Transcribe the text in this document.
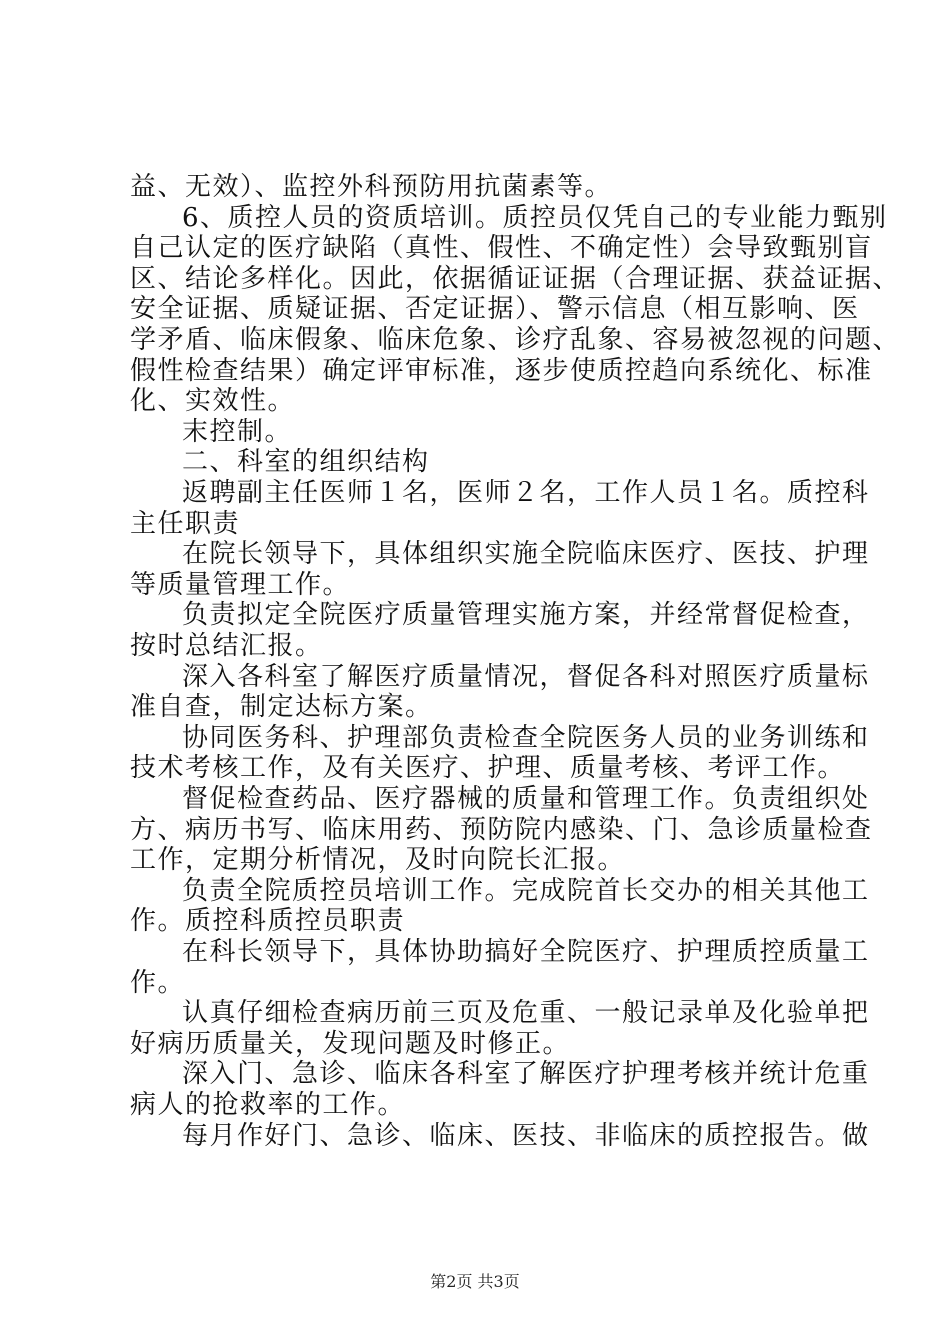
益、无效）、监控外科预防用抗菌素等。
6、质控人员的资质培训。质控员仅凭自己的专业能力甄别
自己认定的医疗缺陷（真性、假性、不确定性）会导致甄别盲
区、结论多样化。因此，依据循证证据（合理证据、获益证据、
安全证据、质疑证据、否定证据）、警示信息（相互影响、医
学矛盾、临床假象、临床危象、诊疗乱象、容易被忽视的问题、
假性检查结果）确定评审标准，逐步使质控趋向系统化、标准
化、实效性。
末控制。
二、科室的组织结构
返聘副主任医师１名，医师２名，工作人员１名。质控科
主任职责
在院长领导下，具体组织实施全院临床医疗、医技、护理
等质量管理工作。
负责拟定全院医疗质量管理实施方案，并经常督促检查，
按时总结汇报。
深入各科室了解医疗质量情况，督促各科对照医疗质量标
准自查，制定达标方案。
协同医务科、护理部负责检查全院医务人员的业务训练和
技术考核工作，及有关医疗、护理、质量考核、考评工作。
督促检查药品、医疗器械的质量和管理工作。负责组织处
方、病历书写、临床用药、预防院内感染、门、急诊质量检查
工作，定期分析情况，及时向院长汇报。
负责全院质控员培训工作。完成院首长交办的相关其他工
作。质控科质控员职责
在科长领导下，具体协助搞好全院医疗、护理质控质量工
作。
认真仔细检查病历前三页及危重、一般记录单及化验单把
好病历质量关，发现问题及时修正。
深入门、急诊、临床各科室了解医疗护理考核并统计危重
病人的抢救率的工作。
每月作好门、急诊、临床、医技、非临床的质控报告。做
第2页 共3页
